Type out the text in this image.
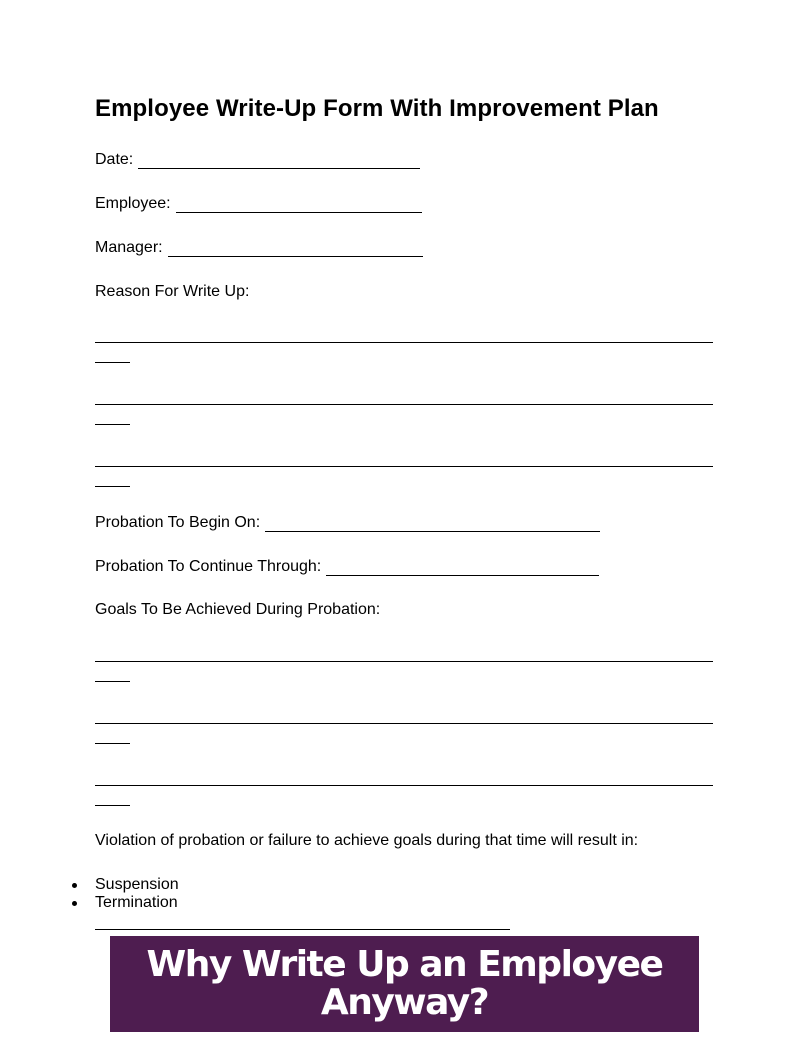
Employee Write-Up Form With Improvement Plan
Date:
Employee:
Manager:
Reason For Write Up:
Probation To Begin On:
Probation To Continue Through:
Goals To Be Achieved During Probation:
Violation of probation or failure to achieve goals during that time will result in:
Suspension
Termination
Why Write Up an Employee Anyway?
